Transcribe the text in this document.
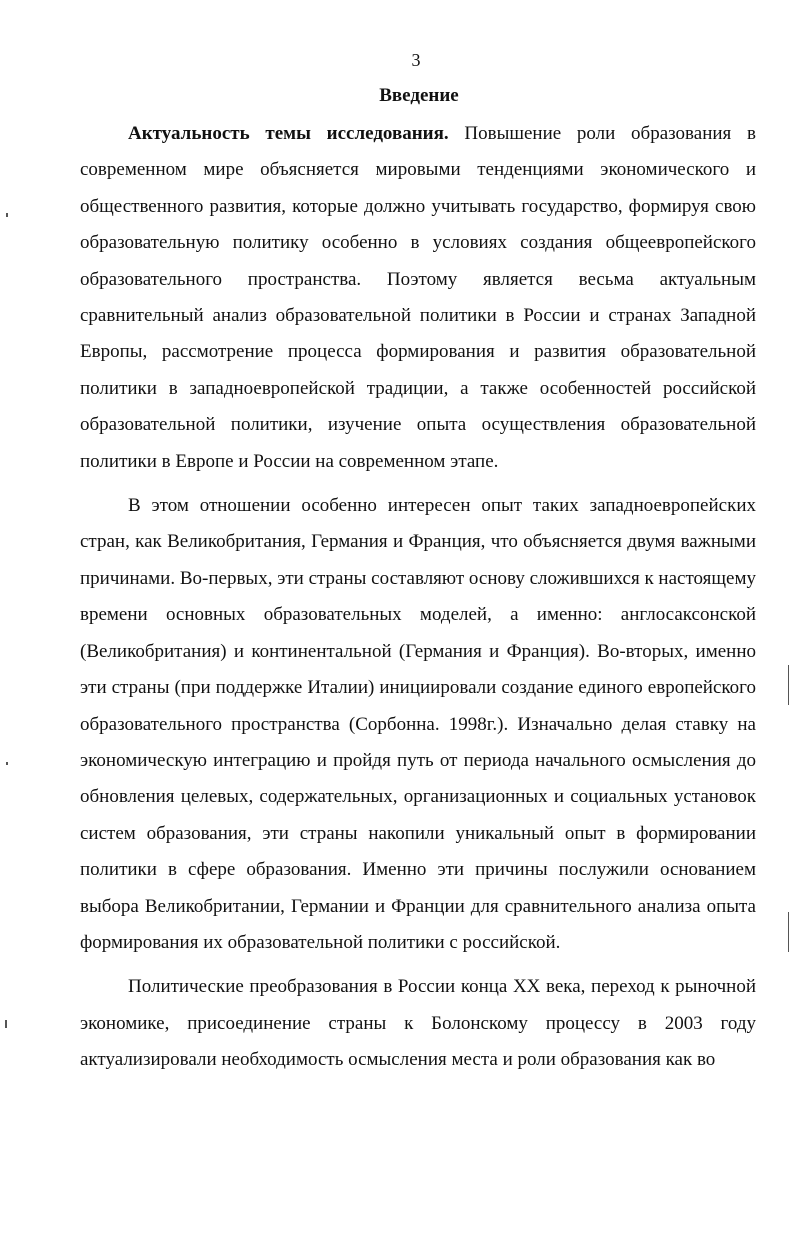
3
Введение

Актуальность темы исследования. Повышение роли образования в современном мире объясняется мировыми тенденциями экономического и общественного развития, которые должно учитывать государство, формируя свою образовательную политику особенно в условиях создания общеевропейского образовательного пространства. Поэтому является весьма актуальным сравнительный анализ образовательной политики в России и странах Западной Европы, рассмотрение процесса формирования и развития образовательной политики в западноевропейской традиции, а также особенностей российской образовательной политики, изучение опыта осуществления образовательной политики в Европе и России на современном этапе.

В этом отношении особенно интересен опыт таких западноевропейских стран, как Великобритания, Германия и Франция, что объясняется двумя важными причинами. Во-первых, эти страны составляют основу сложившихся к настоящему времени основных образовательных моделей, а именно: англосаксонской (Великобритания) и континентальной (Германия и Франция). Во-вторых, именно эти страны (при поддержке Италии) инициировали создание единого европейского образовательного пространства (Сорбонна. 1998г.). Изначально делая ставку на экономическую интеграцию и пройдя путь от периода начального осмысления до обновления целевых, содержательных, организационных и социальных установок систем образования, эти страны накопили уникальный опыт в формировании политики в сфере образования. Именно эти причины послужили основанием выбора Великобритании, Германии и Франции для сравнительного анализа опыта формирования их образовательной политики с российской.

Политические преобразования в России конца XX века, переход к рыночной экономике, присоединение страны к Болонскому процессу в 2003 году актуализировали необходимость осмысления места и роли образования как во
